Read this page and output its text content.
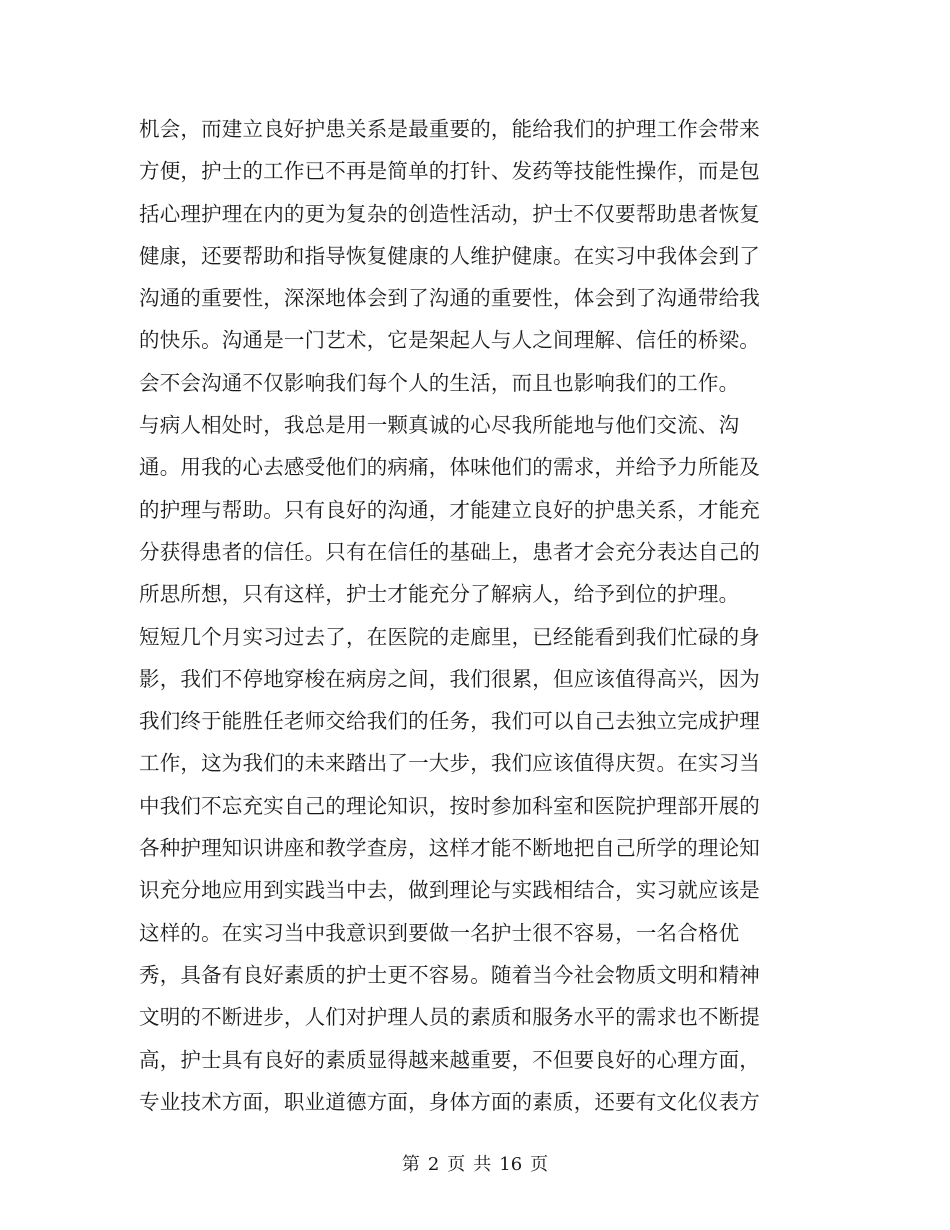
机会，而建立良好护患关系是最重要的，能给我们的护理工作会带来
方便，护士的工作已不再是简单的打针、发药等技能性操作，而是包
括心理护理在内的更为复杂的创造性活动，护士不仅要帮助患者恢复
健康，还要帮助和指导恢复健康的人维护健康。在实习中我体会到了
沟通的重要性，深深地体会到了沟通的重要性，体会到了沟通带给我
的快乐。沟通是一门艺术，它是架起人与人之间理解、信任的桥梁。
会不会沟通不仅影响我们每个人的生活，而且也影响我们的工作。
与病人相处时，我总是用一颗真诚的心尽我所能地与他们交流、沟
通。用我的心去感受他们的病痛，体味他们的需求，并给予力所能及
的护理与帮助。只有良好的沟通，才能建立良好的护患关系，才能充
分获得患者的信任。只有在信任的基础上，患者才会充分表达自己的
所思所想，只有这样，护士才能充分了解病人，给予到位的护理。
短短几个月实习过去了，在医院的走廊里，已经能看到我们忙碌的身
影，我们不停地穿梭在病房之间，我们很累，但应该值得高兴，因为
我们终于能胜任老师交给我们的任务，我们可以自己去独立完成护理
工作，这为我们的未来踏出了一大步，我们应该值得庆贺。在实习当
中我们不忘充实自己的理论知识，按时参加科室和医院护理部开展的
各种护理知识讲座和教学查房，这样才能不断地把自己所学的理论知
识充分地应用到实践当中去，做到理论与实践相结合，实习就应该是
这样的。在实习当中我意识到要做一名护士很不容易，一名合格优
秀，具备有良好素质的护士更不容易。随着当今社会物质文明和精神
文明的不断进步，人们对护理人员的素质和服务水平的需求也不断提
高，护士具有良好的素质显得越来越重要，不但要良好的心理方面，
专业技术方面，职业道德方面，身体方面的素质，还要有文化仪表方
第 2 页 共 16 页
